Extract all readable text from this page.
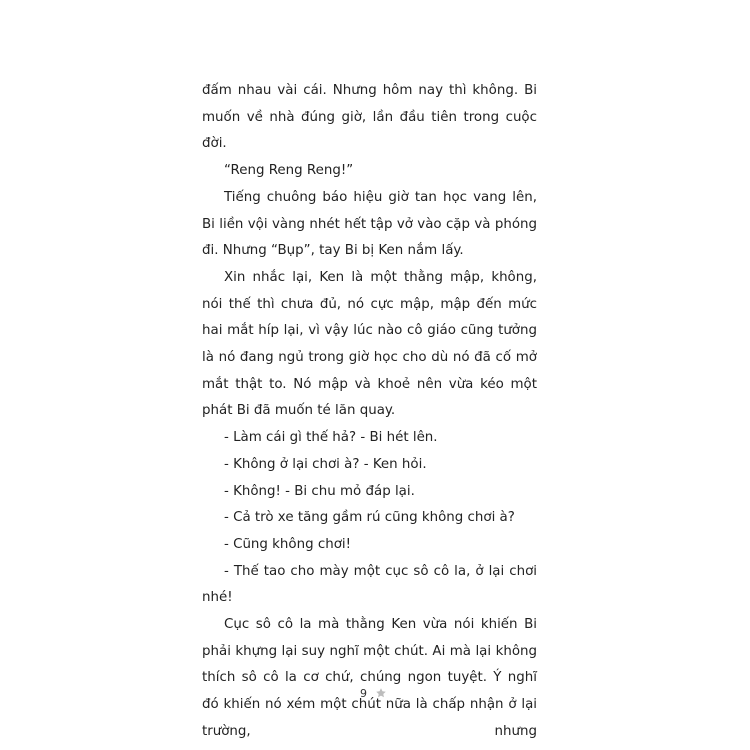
đấm nhau vài cái. Nhưng hôm nay thì không. Bi muốn về nhà đúng giờ, lần đầu tiên trong cuộc đời.

“Reng Reng Reng!”

Tiếng chuông báo hiệu giờ tan học vang lên, Bi liền vội vàng nhét hết tập vở vào cặp và phóng đi. Nhưng “Bụp”, tay Bi bị Ken nắm lấy.

Xin nhắc lại, Ken là một thằng mập, không, nói thế thì chưa đủ, nó cực mập, mập đến mức hai mắt híp lại, vì vậy lúc nào cô giáo cũng tưởng là nó đang ngủ trong giờ học cho dù nó đã cố mở mắt thật to. Nó mập và khoẻ nên vừa kéo một phát Bi đã muốn té lăn quay.

- Làm cái gì thế hả? - Bi hét lên.

- Không ở lại chơi à? - Ken hỏi.

- Không! - Bi chu mỏ đáp lại.

- Cả trò xe tăng gầm rú cũng không chơi à?

- Cũng không chơi!

- Thế tao cho mày một cục sô cô la, ở lại chơi nhé!

Cục sô cô la mà thằng Ken vừa nói khiến Bi phải khựng lại suy nghĩ một chút. Ai mà lại không thích sô cô la cơ chứ, chúng ngon tuyệt. Ý nghĩ đó khiến nó xém một chút nữa là chấp nhận ở lại trường, nhưng

9
